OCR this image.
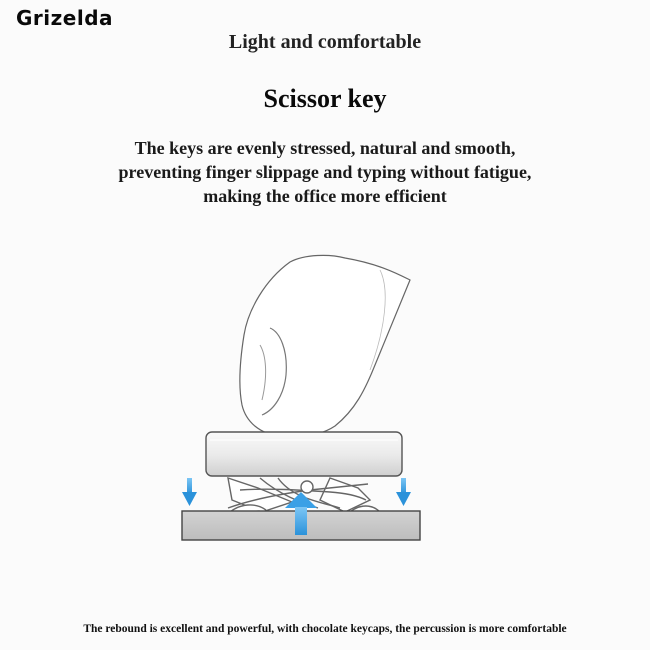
Grizelda
Light and comfortable
Scissor key
The keys are evenly stressed, natural and smooth,
preventing finger slippage and typing without fatigue,
making the office more efficient
The rebound is excellent and powerful, with chocolate keycaps, the percussion is more comfortable
